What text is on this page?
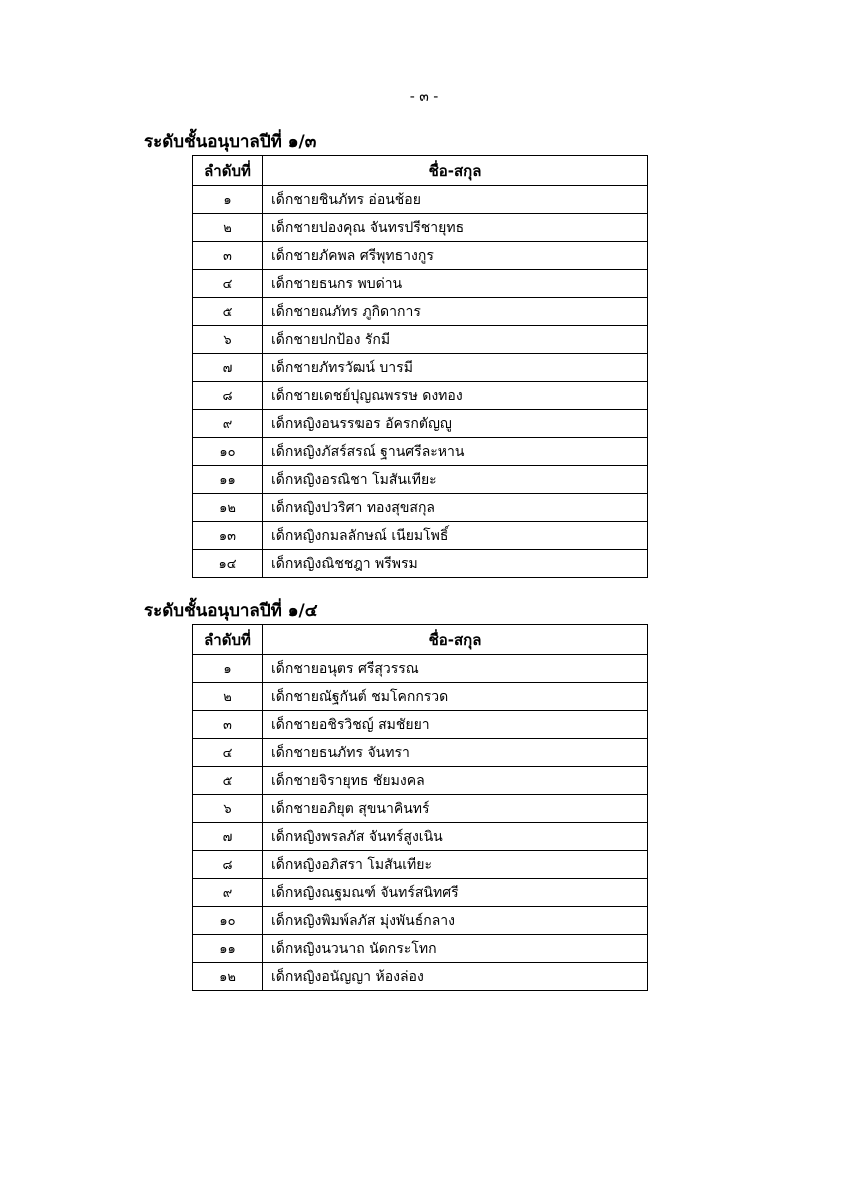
- ๓ -
ระดับชั้นอนุบาลปีที่ ๑/๓
ลำดับที่	ชื่อ-สกุล
๑	เด็กชายชินภัทร อ่อนช้อย
๒	เด็กชายปองคุณ จันทรปรีชายุทธ
๓	เด็กชายภัคพล ศรีพุทธางกูร
๔	เด็กชายธนกร พบด่าน
๕	เด็กชายณภัทร ภูกิดาการ
๖	เด็กชายปกป้อง รักมี
๗	เด็กชายภัทรวัฒน์ บารมี
๘	เด็กชายเดชย์ปุญณพรรษ ดงทอง
๙	เด็กหญิงอนรรฆอร อัครกตัญญู
๑๐	เด็กหญิงภัสร์สรณ์ ฐานศรีละหาน
๑๑	เด็กหญิงอรณิชา โมสันเทียะ
๑๒	เด็กหญิงปวริศา ทองสุขสกุล
๑๓	เด็กหญิงกมลลักษณ์ เนียมโพธิ์
๑๔	เด็กหญิงณิชชฎา พรีพรม
ระดับชั้นอนุบาลปีที่ ๑/๔
ลำดับที่	ชื่อ-สกุล
๑	เด็กชายอนุตร ศรีสุวรรณ
๒	เด็กชายณัฐกันต์ ชมโคกกรวด
๓	เด็กชายอชิรวิชญ์ สมชัยยา
๔	เด็กชายธนภัทร จันทรา
๕	เด็กชายจิรายุทธ ชัยมงคล
๖	เด็กชายอภิยุต สุขนาคินทร์
๗	เด็กหญิงพรลภัส จันทร์สูงเนิน
๘	เด็กหญิงอภิสรา โมสันเทียะ
๙	เด็กหญิงณฐมณฑ์ จันทร์สนิทศรี
๑๐	เด็กหญิงพิมพ์ลภัส มุ่งพันธ์กลาง
๑๑	เด็กหญิงนวนาถ นัดกระโทก
๑๒	เด็กหญิงอนัญญา ห้องล่อง
